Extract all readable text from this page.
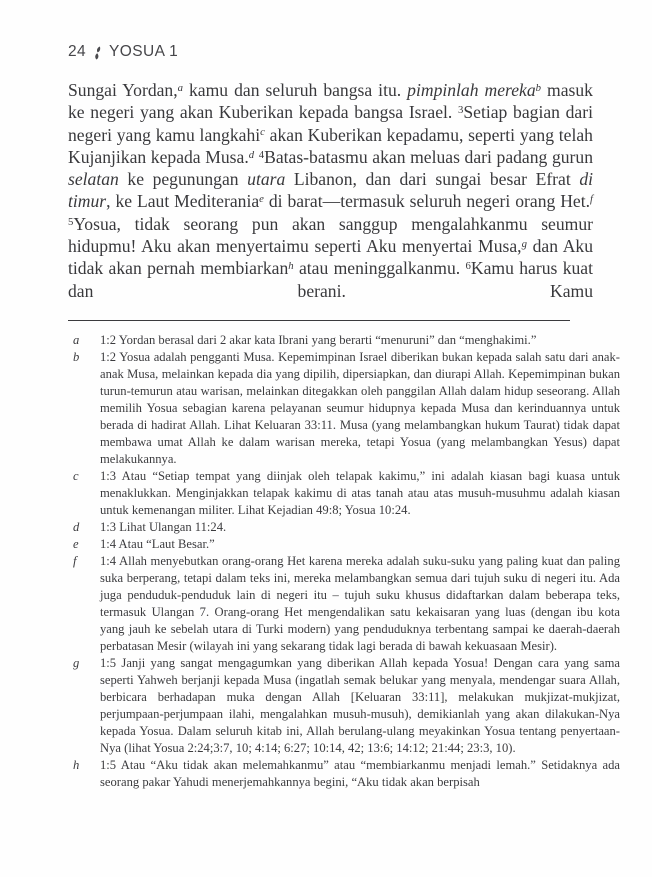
24 YOSUA 1
Sungai Yordan,$^a$ kamu dan seluruh bangsa itu. pimpinlah mereka$^b$ masuk ke negeri yang akan Kuberikan kepada bangsa Israel. $^3$Setiap bagian dari negeri yang kamu langkahi$^c$ akan Kuberikan kepadamu, seperti yang telah Kujanjikan kepada Musa.$^d$ $^4$Batas-batasmu akan meluas dari padang gurun selatan ke pegunungan utara Libanon, dan dari sungai besar Efrat di timur, ke Laut Mediterania$^e$ di barat—termasuk seluruh negeri orang Het.$^f$ $^5$Yosua, tidak seorang pun akan sanggup mengalahkanmu seumur hidupmu! Aku akan menyertaimu seperti Aku menyertai Musa,$^g$ dan Aku tidak akan pernah membiarkan$^h$ atau meninggalkanmu. $^6$Kamu harus kuat dan berani. Kamu
a	1:2 Yordan berasal dari 2 akar kata Ibrani yang berarti “menuruni” dan “menghakimi.”
b	1:2 Yosua adalah pengganti Musa. Kepemimpinan Israel diberikan bukan kepada salah satu dari anak-anak Musa, melainkan kepada dia yang dipilih, dipersiapkan, dan diurapi Allah. Kepemimpinan bukan turun-temurun atau warisan, melainkan ditegakkan oleh panggilan Allah dalam hidup seseorang. Allah memilih Yosua sebagian karena pelayanan seumur hidupnya kepada Musa dan kerinduannya untuk berada di hadirat Allah. Lihat Keluaran 33:11. Musa (yang melambangkan hukum Taurat) tidak dapat membawa umat Allah ke dalam warisan mereka, tetapi Yosua (yang melambangkan Yesus) dapat melakukannya.
c	1:3 Atau “Setiap tempat yang diinjak oleh telapak kakimu,” ini adalah kiasan bagi kuasa untuk menaklukkan. Menginjakkan telapak kakimu di atas tanah atau atas musuh-musuhmu adalah kiasan untuk kemenangan militer. Lihat Kejadian 49:8; Yosua 10:24.
d	1:3 Lihat Ulangan 11:24.
e	1:4 Atau “Laut Besar.”
f	1:4 Allah menyebutkan orang-orang Het karena mereka adalah suku-suku yang paling kuat dan paling suka berperang, tetapi dalam teks ini, mereka melambangkan semua dari tujuh suku di negeri itu. Ada juga penduduk-penduduk lain di negeri itu – tujuh suku khusus didaftarkan dalam beberapa teks, termasuk Ulangan 7. Orang-orang Het mengendalikan satu kekaisaran yang luas (dengan ibu kota yang jauh ke sebelah utara di Turki modern) yang penduduknya terbentang sampai ke daerah-daerah perbatasan Mesir (wilayah ini yang sekarang tidak lagi berada di bawah kekuasaan Mesir).
g	1:5 Janji yang sangat mengagumkan yang diberikan Allah kepada Yosua! Dengan cara yang sama seperti Yahweh berjanji kepada Musa (ingatlah semak belukar yang menyala, mendengar suara Allah, berbicara berhadapan muka dengan Allah [Keluaran 33:11], melakukan mukjizat-mukjizat, perjumpaan-perjumpaan ilahi, mengalahkan musuh-musuh), demikianlah yang akan dilakukan-Nya kepada Yosua. Dalam seluruh kitab ini, Allah berulang-ulang meyakinkan Yosua tentang penyertaan-Nya (lihat Yosua 2:24;3:7, 10; 4:14; 6:27; 10:14, 42; 13:6; 14:12; 21:44; 23:3, 10).
h	1:5 Atau “Aku tidak akan melemahkanmu” atau “membiarkanmu menjadi lemah.” Setidaknya ada seorang pakar Yahudi menerjemahkannya begini, “Aku tidak akan berpisah
